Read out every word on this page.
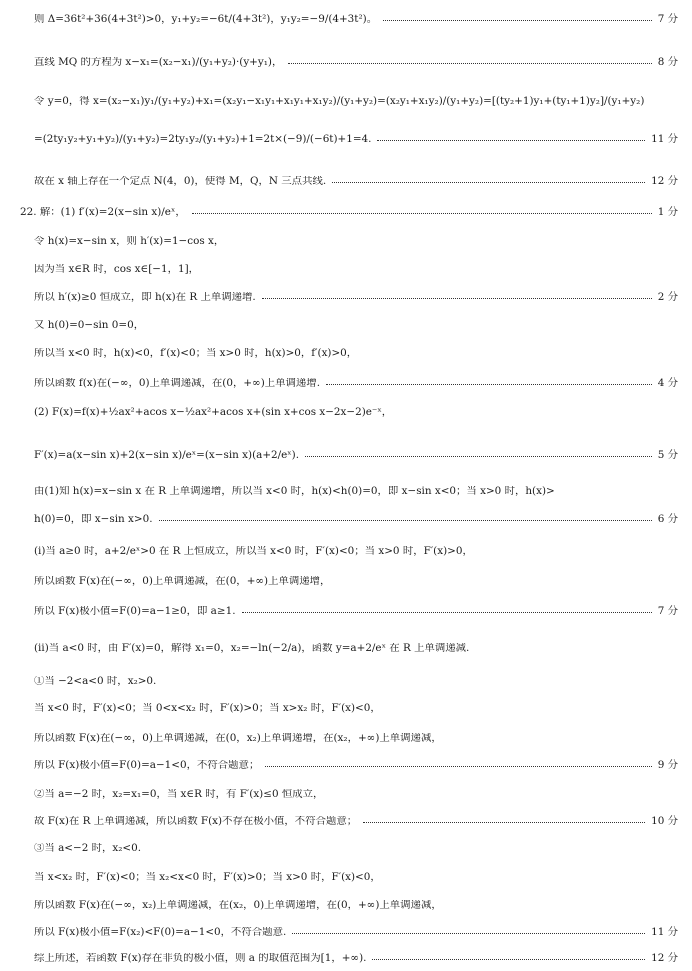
则 Δ=36t²+36(4+3t²)>0，y₁+y₂=−6t/(4+3t²)，y₁y₂=−9/(4+3t²)。	7 分
直线 MQ 的方程为 x−x₁=(x₂−x₁)/(y₁+y₂)·(y+y₁)，	8 分
令 y=0，得 x=(x₂−x₁)y₁/(y₁+y₂)+x₁=(x₂y₁−x₁y₁+x₁y₁+x₁y₂)/(y₁+y₂)=(x₂y₁+x₁y₂)/(y₁+y₂)=[(ty₂+1)y₁+(ty₁+1)y₂]/(y₁+y₂)
=(2ty₁y₂+y₁+y₂)/(y₁+y₂)=2ty₁y₂/(y₁+y₂)+1=2t×(−9)/(−6t)+1=4.	11 分
故在 x 轴上存在一个定点 N(4，0)，使得 M，Q，N 三点共线.	12 分
22. 解：(1) f′(x)=2(x−sin x)/eˣ，	1 分
令 h(x)=x−sin x，则 h′(x)=1−cos x，
因为当 x∈R 时，cos x∈[−1，1]，
所以 h′(x)≥0 恒成立，即 h(x)在 R 上单调递增.	2 分
又 h(0)=0−sin 0=0，
所以当 x<0 时，h(x)<0，f′(x)<0；当 x>0 时，h(x)>0，f′(x)>0，
所以函数 f(x)在(−∞，0)上单调递减，在(0，+∞)上单调递增.	4 分
(2) F(x)=f(x)+½ax²+acos x−½ax²+acos x+(sin x+cos x−2x−2)e⁻ˣ，
F′(x)=a(x−sin x)+2(x−sin x)/eˣ=(x−sin x)(a+2/eˣ).	5 分
由(1)知 h(x)=x−sin x 在 R 上单调递增，所以当 x<0 时，h(x)<h(0)=0，即 x−sin x<0；当 x>0 时，h(x)>
h(0)=0，即 x−sin x>0.	6 分
(ⅰ)当 a≥0 时，a+2/eˣ>0 在 R 上恒成立，所以当 x<0 时，F′(x)<0；当 x>0 时，F′(x)>0，
所以函数 F(x)在(−∞，0)上单调递减，在(0，+∞)上单调递增，
所以 F(x)极小值=F(0)=a−1≥0，即 a≥1.	7 分
(ⅱ)当 a<0 时，由 F′(x)=0，解得 x₁=0，x₂=−ln(−2/a)，函数 y=a+2/eˣ 在 R 上单调递减.
①当 −2<a<0 时，x₂>0.
当 x<0 时，F′(x)<0；当 0<x<x₂ 时，F′(x)>0；当 x>x₂ 时，F′(x)<0，
所以函数 F(x)在(−∞，0)上单调递减，在(0，x₂)上单调递增，在(x₂，+∞)上单调递减，
所以 F(x)极小值=F(0)=a−1<0，不符合题意；	9 分
②当 a=−2 时，x₂=x₁=0，当 x∈R 时，有 F′(x)≤0 恒成立，
故 F(x)在 R 上单调递减，所以函数 F(x)不存在极小值，不符合题意；	10 分
③当 a<−2 时，x₂<0.
当 x<x₂ 时，F′(x)<0；当 x₂<x<0 时，F′(x)>0；当 x>0 时，F′(x)<0，
所以函数 F(x)在(−∞，x₂)上单调递减，在(x₂，0)上单调递增，在(0，+∞)上单调递减，
所以 F(x)极小值=F(x₂)<F(0)=a−1<0，不符合题意.	11 分
综上所述，若函数 F(x)存在非负的极小值，则 a 的取值范围为[1，+∞).	12 分
